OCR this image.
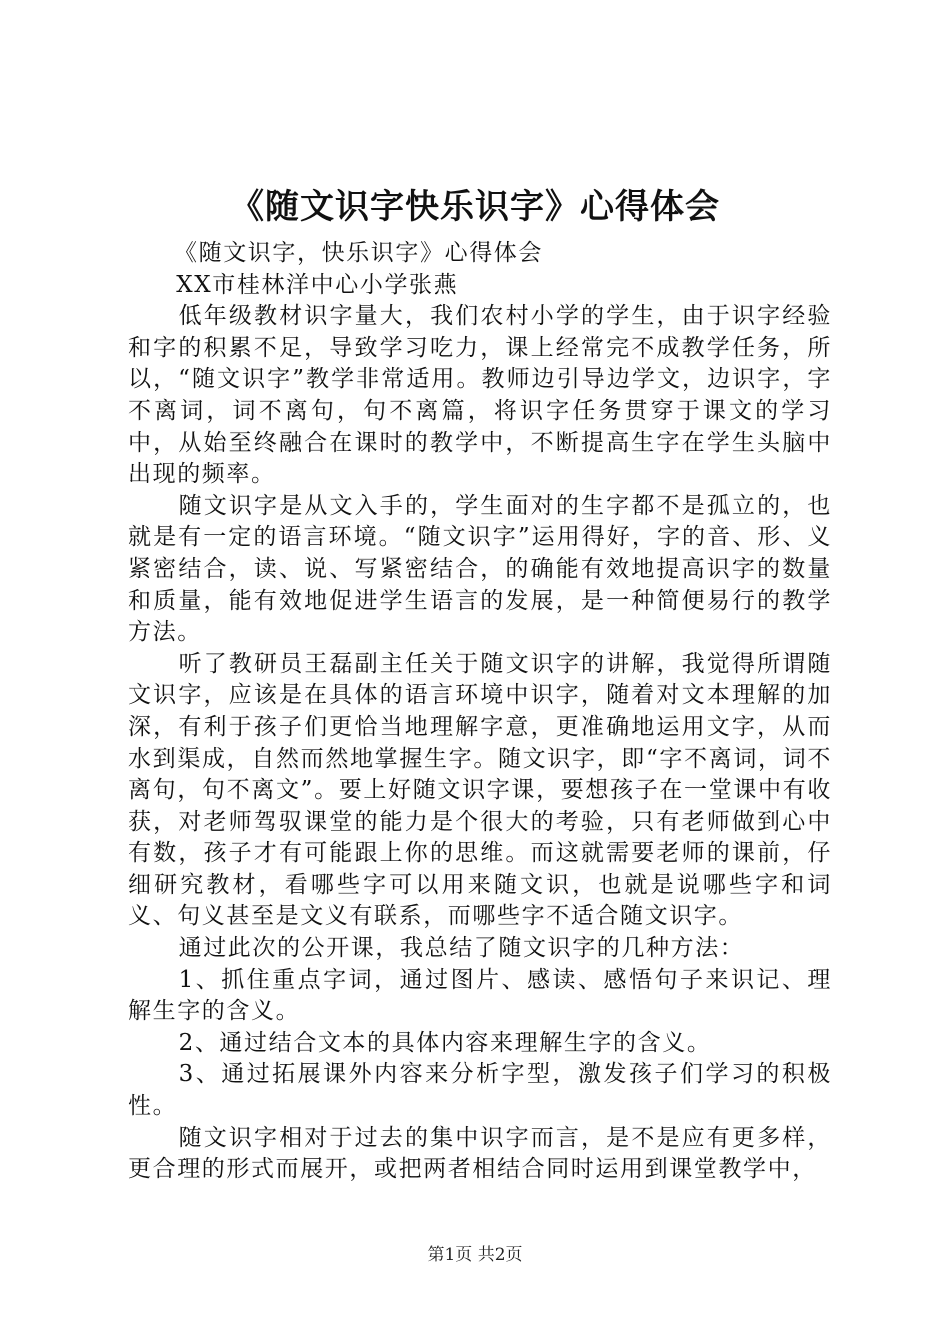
《随文识字快乐识字》心得体会

《随文识字，快乐识字》心得体会

XX市桂林洋中心小学张燕

低年级教材识字量大，我们农村小学的学生，由于识字经验和字的积累不足，导致学习吃力，课上经常完不成教学任务，所以，“随文识字”教学非常适用。教师边引导边学文，边识字，字不离词，词不离句，句不离篇，将识字任务贯穿于课文的学习中，从始至终融合在课时的教学中，不断提高生字在学生头脑中出现的频率。

随文识字是从文入手的，学生面对的生字都不是孤立的，也就是有一定的语言环境。“随文识字”运用得好，字的音、形、义紧密结合，读、说、写紧密结合，的确能有效地提高识字的数量和质量，能有效地促进学生语言的发展，是一种简便易行的教学方法。

听了教研员王磊副主任关于随文识字的讲解，我觉得所谓随文识字，应该是在具体的语言环境中识字，随着对文本理解的加深，有利于孩子们更恰当地理解字意，更准确地运用文字，从而水到渠成，自然而然地掌握生字。随文识字，即“字不离词，词不离句，句不离文”。要上好随文识字课，要想孩子在一堂课中有收获，对老师驾驭课堂的能力是个很大的考验，只有老师做到心中有数，孩子才有可能跟上你的思维。而这就需要老师的课前，仔细研究教材，看哪些字可以用来随文识，也就是说哪些字和词义、句义甚至是文义有联系，而哪些字不适合随文识字。

通过此次的公开课，我总结了随文识字的几种方法：

1、抓住重点字词，通过图片、感读、感悟句子来识记、理解生字的含义。

2、通过结合文本的具体内容来理解生字的含义。

3、通过拓展课外内容来分析字型，激发孩子们学习的积极性。

随文识字相对于过去的集中识字而言，是不是应有更多样，更合理的形式而展开，或把两者相结合同时运用到课堂教学中，

第1页 共2页
